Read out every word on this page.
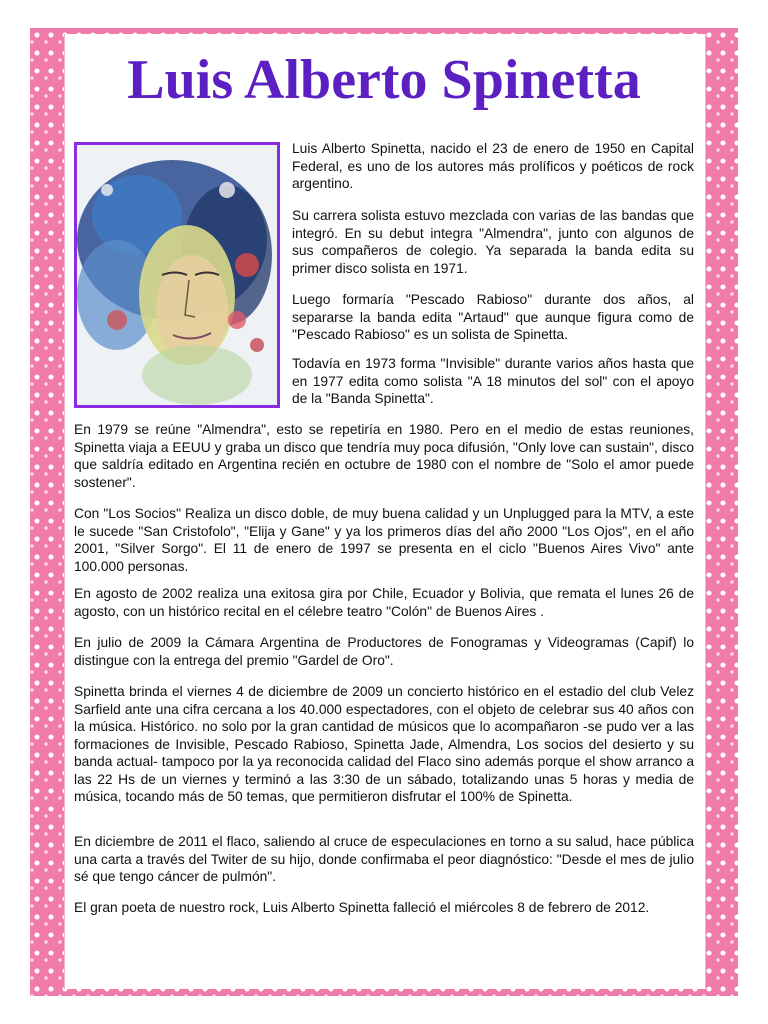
Luis Alberto Spinetta

Luis Alberto Spinetta, nacido el 23 de enero de 1950 en Capital Federal, es uno de los autores más prolíficos y poéticos de rock argentino.

Su carrera solista estuvo mezclada con varias de las bandas que integró. En su debut integra "Almendra", junto con algunos de sus compañeros de colegio. Ya separada la banda edita su primer disco solista en 1971.

Luego formaría "Pescado Rabioso" durante dos años, al separarse la banda edita "Artaud" que aunque figura como de "Pescado Rabioso" es un solista de Spinetta.

Todavía en 1973 forma "Invisible" durante varios años hasta que en 1977 edita como solista "A 18 minutos del sol" con el apoyo de la "Banda Spinetta".

En 1979 se reúne "Almendra", esto se repetiría en 1980. Pero en el medio de estas reuniones, Spinetta viaja a EEUU y graba un disco que tendría muy poca difusión, "Only love can sustain", disco que saldría editado en Argentina recién en octubre de 1980 con el nombre de "Solo el amor puede sostener".

Con "Los Socios" Realiza un disco doble, de muy buena calidad y un Unplugged para la MTV, a este le sucede "San Cristofolo", "Elija y Gane" y ya los primeros días del año 2000 "Los Ojos", en el año 2001, "Silver Sorgo". El 11 de enero de 1997 se presenta en el ciclo "Buenos Aires Vivo" ante 100.000 personas.

En agosto de 2002 realiza una exitosa gira por Chile, Ecuador y Bolivia, que remata el lunes 26 de agosto, con un histórico recital en el célebre teatro "Colón" de Buenos Aires .

En julio de 2009 la Cámara Argentina de Productores de Fonogramas y Videogramas (Capif) lo distingue con la entrega del premio "Gardel de Oro".

Spinetta brinda el viernes 4 de diciembre de 2009 un concierto histórico en el estadio del club Velez Sarfield ante una cifra cercana a los 40.000 espectadores, con el objeto de celebrar sus 40 años con la música. Histórico. no solo por la gran cantidad de músicos que lo acompañaron -se pudo ver a las formaciones de Invisible, Pescado Rabioso, Spinetta Jade, Almendra, Los socios del desierto y su banda actual- tampoco por la ya reconocida calidad del Flaco sino además porque el show arranco a las 22 Hs de un viernes y terminó a las 3:30 de un sábado, totalizando unas 5 horas y media de música, tocando más de 50 temas, que permitieron disfrutar el 100% de Spinetta.

En diciembre de 2011 el flaco, saliendo al cruce de especulaciones en torno a su salud, hace pública una carta a través del Twiter de su hijo, donde confirmaba el peor diagnóstico: "Desde el mes de julio sé que tengo cáncer de pulmón".

El gran poeta de nuestro rock, Luis Alberto Spinetta falleció el miércoles 8 de febrero de 2012.
